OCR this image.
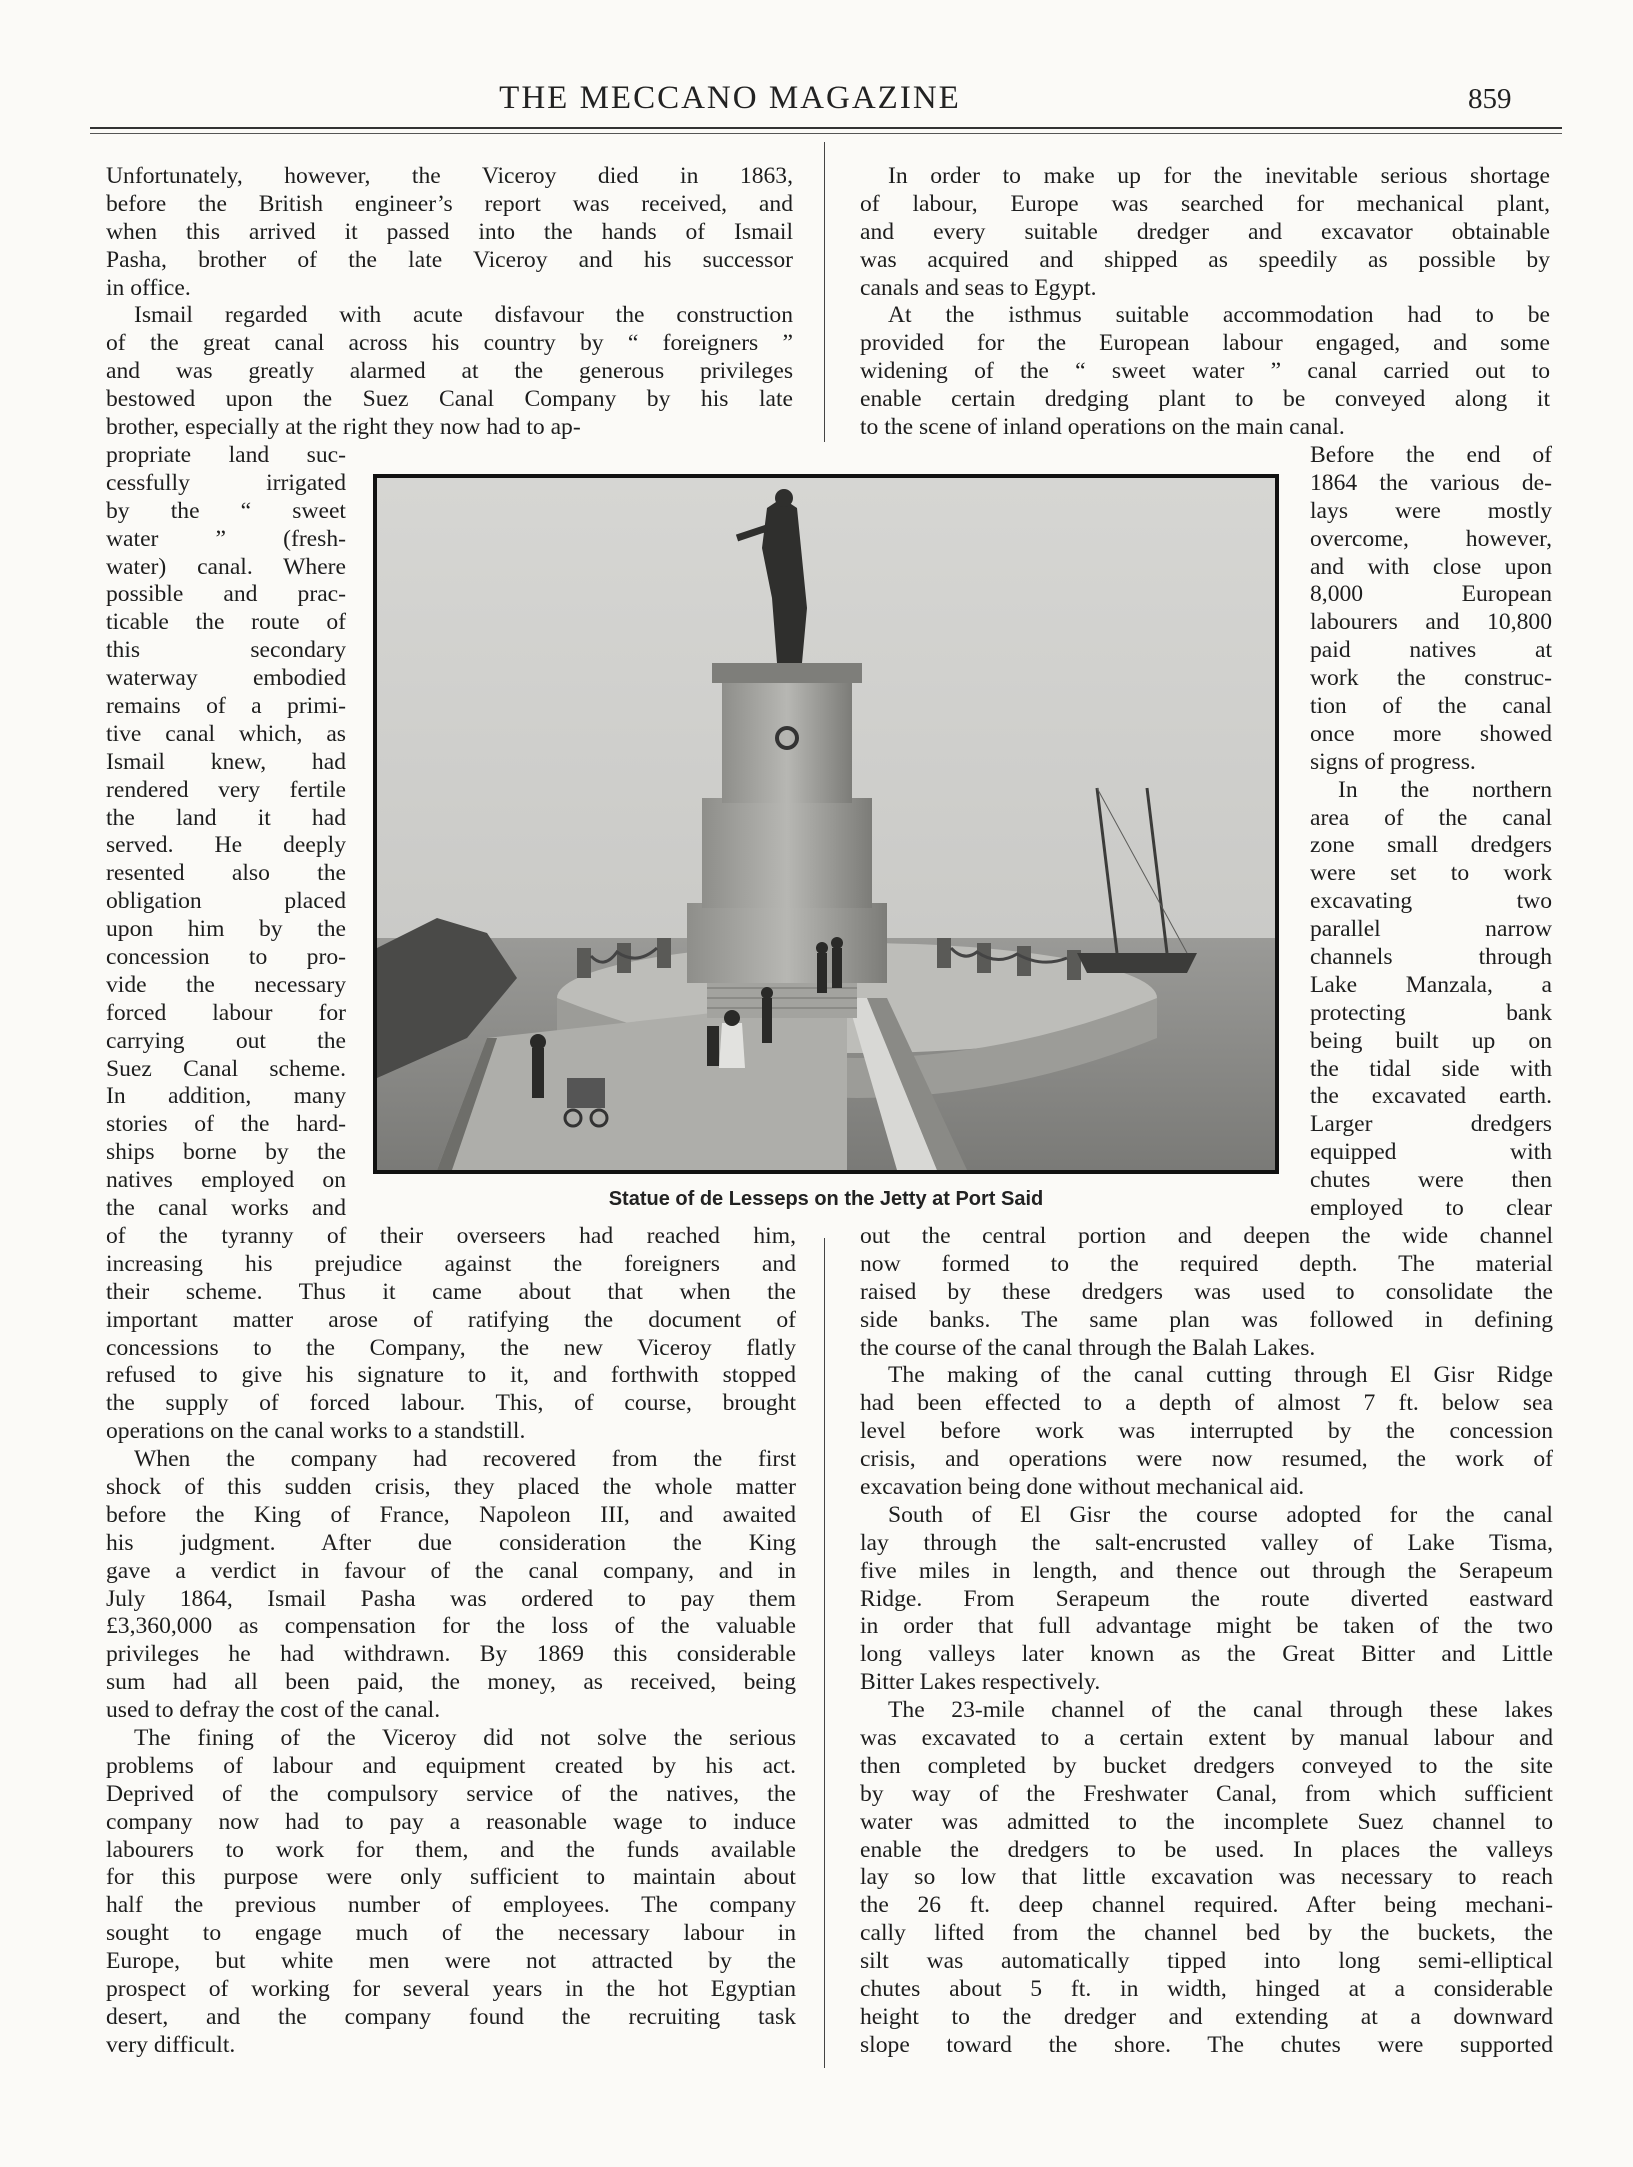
THE MECCANO MAGAZINE	859
Unfortunately, however, the Viceroy died in 1863,
before the British engineer’s report was received, and
when this arrived it passed into the hands of Ismail
Pasha, brother of the late Viceroy and his successor
in office.
Ismail regarded with acute disfavour the construction
of the great canal across his country by “ foreigners ”
and was greatly alarmed at the generous privileges
bestowed upon the Suez Canal Company by his late
brother, especially at the right they now had to ap-
propriate land suc-
cessfully irrigated
by the “ sweet
water ” (fresh-
water) canal. Where
possible and prac-
ticable the route of
this secondary
waterway embodied
remains of a primi-
tive canal which, as
Ismail knew, had
rendered very fertile
the land it had
served. He deeply
resented also the
obligation placed
upon him by the
concession to pro-
vide the necessary
forced labour for
carrying out the
Suez Canal scheme.
In addition, many
stories of the hard-
ships borne by the
natives employed on
the canal works and
of the tyranny of their overseers had reached him,
increasing his prejudice against the foreigners and
their scheme. Thus it came about that when the
important matter arose of ratifying the document of
concessions to the Company, the new Viceroy flatly
refused to give his signature to it, and forthwith stopped
the supply of forced labour. This, of course, brought
operations on the canal works to a standstill.
When the company had recovered from the first
shock of this sudden crisis, they placed the whole matter
before the King of France, Napoleon III, and awaited
his judgment. After due consideration the King
gave a verdict in favour of the canal company, and in
July 1864, Ismail Pasha was ordered to pay them
£3,360,000 as compensation for the loss of the valuable
privileges he had withdrawn. By 1869 this considerable
sum had all been paid, the money, as received, being
used to defray the cost of the canal.
The fining of the Viceroy did not solve the serious
problems of labour and equipment created by his act.
Deprived of the compulsory service of the natives, the
company now had to pay a reasonable wage to induce
labourers to work for them, and the funds available
for this purpose were only sufficient to maintain about
half the previous number of employees. The company
sought to engage much of the necessary labour in
Europe, but white men were not attracted by the
prospect of working for several years in the hot Egyptian
desert, and the company found the recruiting task
very difficult.
In order to make up for the inevitable serious shortage
of labour, Europe was searched for mechanical plant,
and every suitable dredger and excavator obtainable
was acquired and shipped as speedily as possible by
canals and seas to Egypt.
At the isthmus suitable accommodation had to be
provided for the European labour engaged, and some
widening of the “ sweet water ” canal carried out to
enable certain dredging plant to be conveyed along it
to the scene of inland operations on the main canal.
Before the end of
1864 the various de-
lays were mostly
overcome, however,
and with close upon
8,000 European
labourers and 10,800
paid natives at
work the construc-
tion of the canal
once more showed
signs of progress.
In the northern
area of the canal
zone small dredgers
were set to work
excavating two
parallel narrow
channels through
Lake Manzala, a
protecting bank
being built up on
the tidal side with
the excavated earth.
Larger dredgers
equipped with
chutes were then
employed to clear
out the central portion and deepen the wide channel
now formed to the required depth. The material
raised by these dredgers was used to consolidate the
side banks. The same plan was followed in defining
the course of the canal through the Balah Lakes.
The making of the canal cutting through El Gisr Ridge
had been effected to a depth of almost 7 ft. below sea
level before work was interrupted by the concession
crisis, and operations were now resumed, the work of
excavation being done without mechanical aid.
South of El Gisr the course adopted for the canal
lay through the salt-encrusted valley of Lake Tisma,
five miles in length, and thence out through the Serapeum
Ridge. From Serapeum the route diverted eastward
in order that full advantage might be taken of the two
long valleys later known as the Great Bitter and Little
Bitter Lakes respectively.
The 23-mile channel of the canal through these lakes
was excavated to a certain extent by manual labour and
then completed by bucket dredgers conveyed to the site
by way of the Freshwater Canal, from which sufficient
water was admitted to the incomplete Suez channel to
enable the dredgers to be used. In places the valleys
lay so low that little excavation was necessary to reach
the 26 ft. deep channel required. After being mechani-
cally lifted from the channel bed by the buckets, the
silt was automatically tipped into long semi-elliptical
chutes about 5 ft. in width, hinged at a considerable
height to the dredger and extending at a downward
slope toward the shore. The chutes were supported
Statue of de Lesseps on the Jetty at Port Said
